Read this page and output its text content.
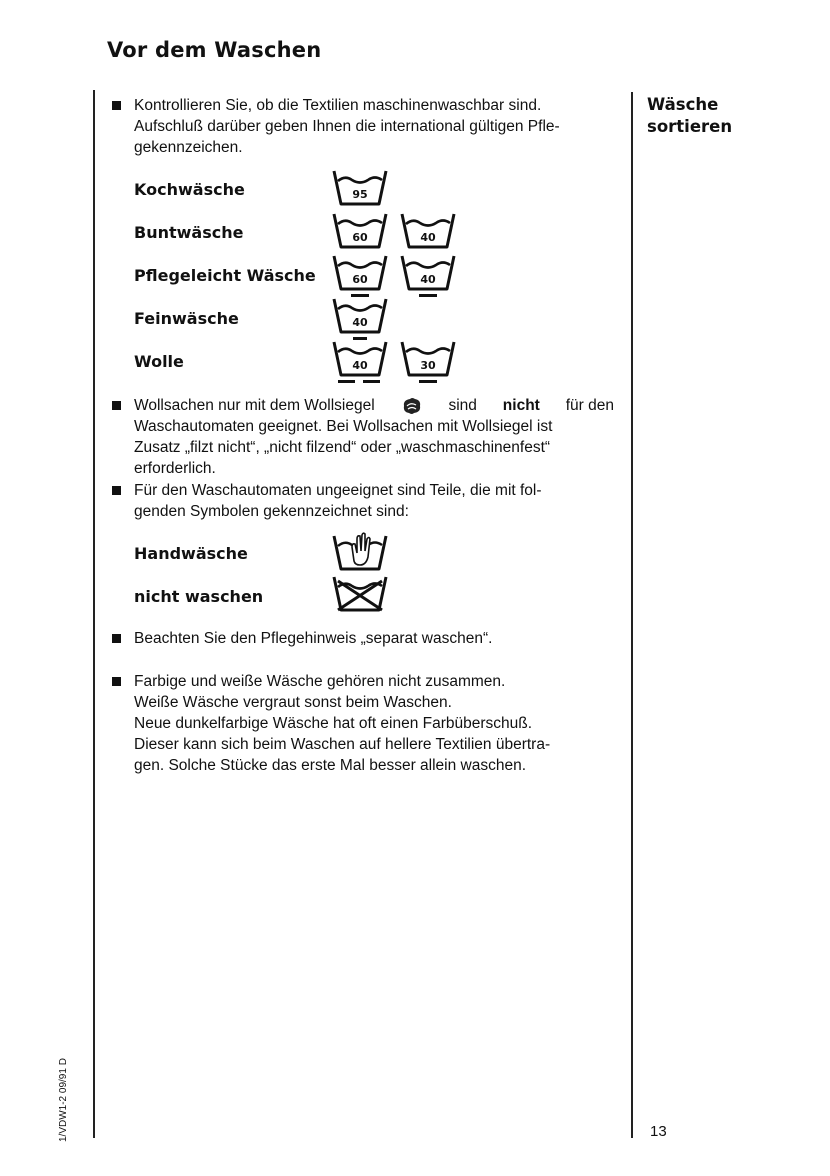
Vor dem Waschen
Wäsche
sortieren
Kontrollieren Sie, ob die Textilien maschinenwaschbar sind.
Aufschluß darüber geben Ihnen die international gültigen Pfle-
gekennzeichen.
Kochwäsche	95
Buntwäsche	60	40
Pflegeleicht Wäsche	60	40
Feinwäsche	40
Wolle	40	30
Wollsachen nur mit dem Wollsiegel	sind nicht für den
Waschautomaten geeignet. Bei Wollsachen mit Wollsiegel ist
Zusatz „filzt nicht“, „nicht filzend“ oder „waschmaschinenfest“
erforderlich.
Für den Waschautomaten ungeeignet sind Teile, die mit fol-
genden Symbolen gekennzeichnet sind:
Handwäsche
nicht waschen
Beachten Sie den Pflegehinweis „separat waschen“.
Farbige und weiße Wäsche gehören nicht zusammen.
Weiße Wäsche vergraut sonst beim Waschen.
Neue dunkelfarbige Wäsche hat oft einen Farbüberschuß.
Dieser kann sich beim Waschen auf hellere Textilien übertra-
gen. Solche Stücke das erste Mal besser allein waschen.
1/VDW1-2 09/91 D	13
